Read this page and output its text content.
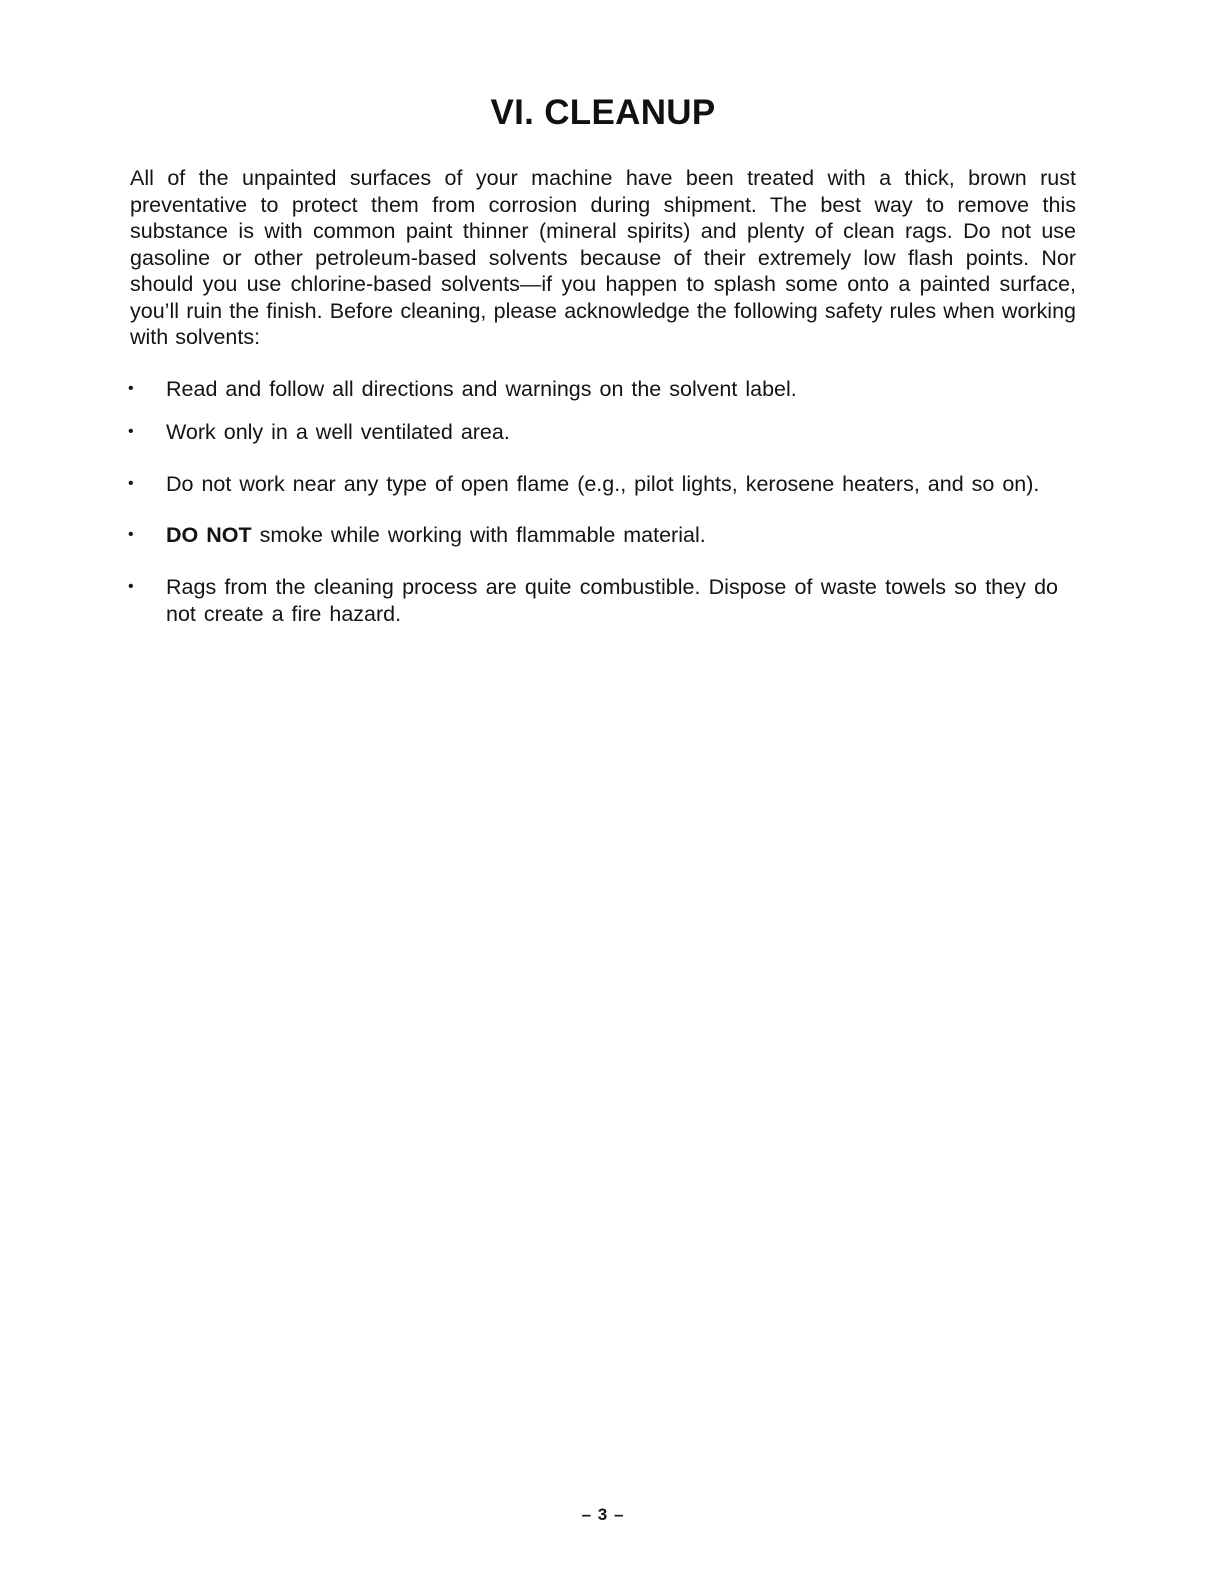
VI. CLEANUP

All of the unpainted surfaces of your machine have been treated with a thick, brown rust preventative to protect them from corrosion during shipment. The best way to remove this substance is with common paint thinner (mineral spirits) and plenty of clean rags. Do not use gasoline or other petroleum-based solvents because of their extremely low flash points. Nor should you use chlorine-based solvents—if you happen to splash some onto a painted surface, you’ll ruin the finish. Before cleaning, please acknowledge the following safety rules when working with solvents:

• Read and follow all directions and warnings on the solvent label.
• Work only in a well ventilated area.
• Do not work near any type of open flame (e.g., pilot lights, kerosene heaters, and so on).
• DO NOT smoke while working with flammable material.
• Rags from the cleaning process are quite combustible. Dispose of waste towels so they do not create a fire hazard.
– 3 –
